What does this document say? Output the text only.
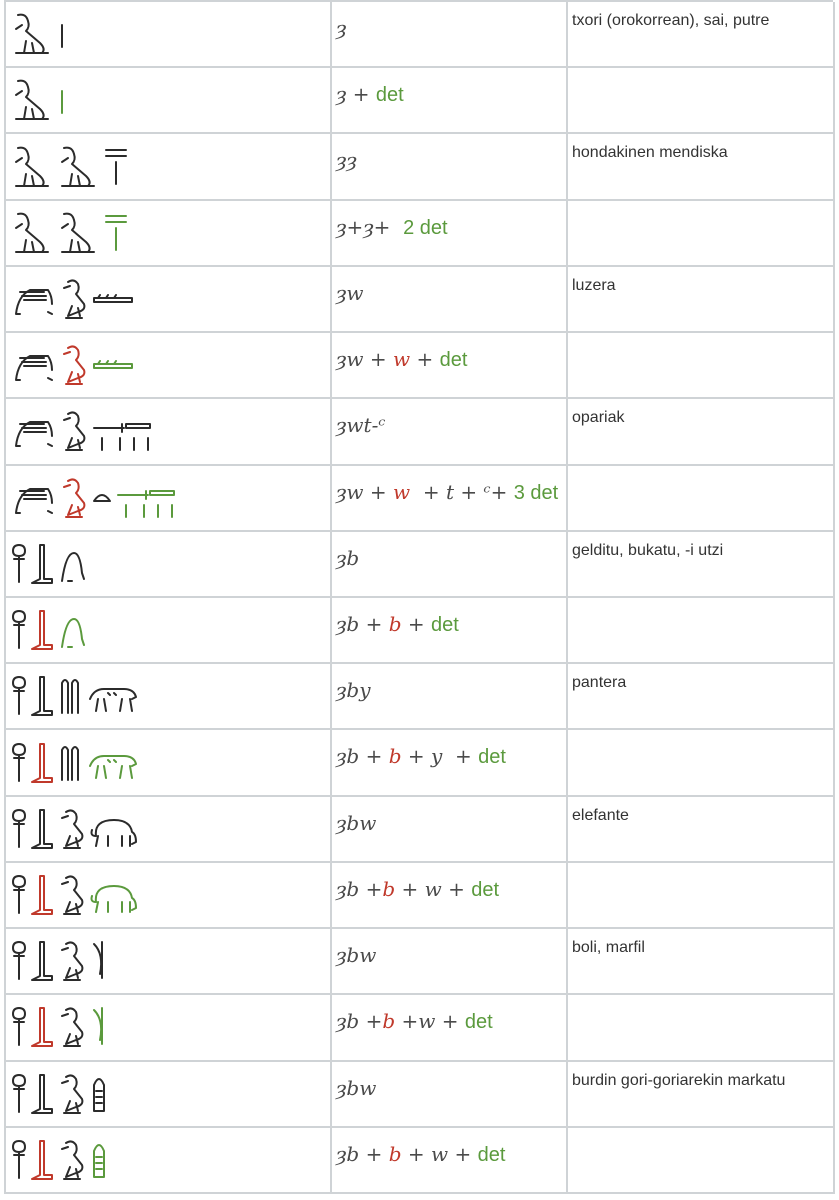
ȝ	txori (orokorrean), sai, putre
ȝ + det
ȝȝ	hondakinen mendiska
ȝ+ȝ+  2 det
ȝw	luzera
ȝw + w + det
ȝwt-ᶜ	opariak
ȝw + w  + t + ᶜ+ 3 det
ȝb	gelditu, bukatu, -i utzi
ȝb + b + det
ȝby	pantera
ȝb + b + y  + det
ȝbw	elefante
ȝb +b + w + det
ȝbw	boli, marfil
ȝb +b +w + det
ȝbw	burdin gori-goriarekin markatu
ȝb + b + w + det
